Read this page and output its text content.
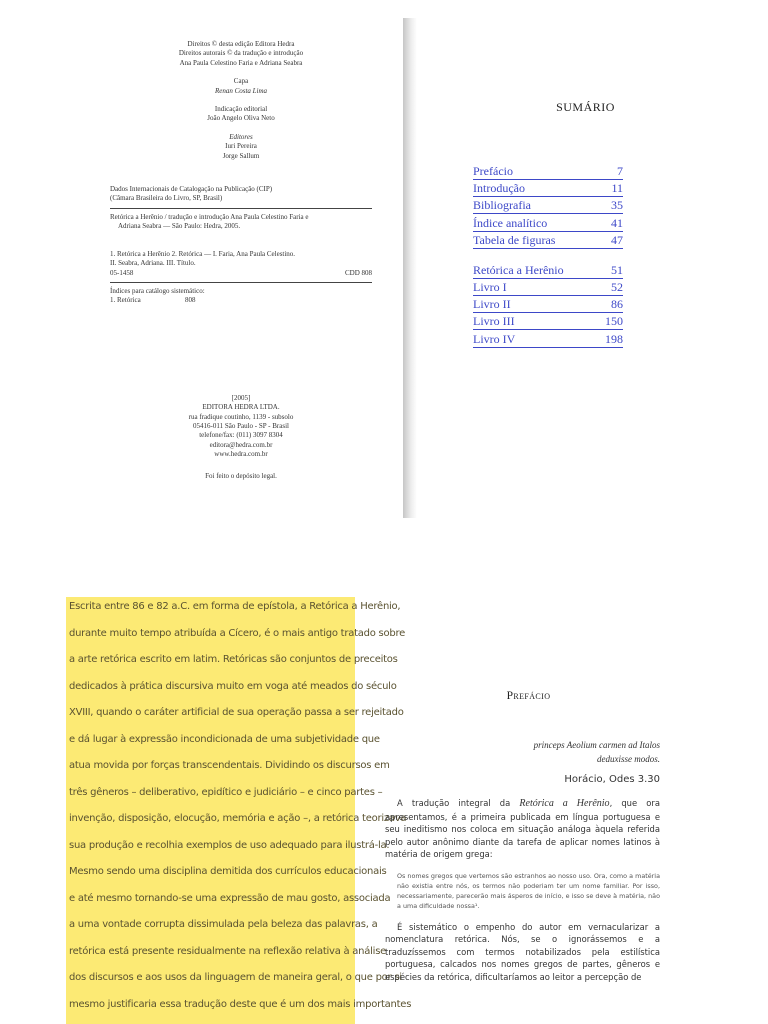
Direitos © desta edição Editora Hedra
Direitos autorais © da tradução e introdução
Ana Paula Celestino Faria e Adriana Seabra
Capa
Renan Costa Lima
Indicação editorial
João Angelo Oliva Neto
Editores
Iuri Pereira
Jorge Sallum
Dados Internacionais de Catalogação na Publicação (CIP)
(Câmara Brasileira do Livro, SP, Brasil)
Retórica a Herênio / tradução e introdução Ana Paula Celestino Faria e
Adriana Seabra — São Paulo: Hedra, 2005.
1. Retórica a Herênio 2. Retórica — I. Faria, Ana Paula Celestino.
II. Seabra, Adriana. III. Título.
05-1458	CDD 808
Índices para catálogo sistemático:
1. Retórica	808
[2005]
EDITORA HEDRA LTDA.
rua fradique coutinho, 1139 - subsolo
05416-011 São Paulo - SP - Brasil
telefone/fax: (011) 3097 8304
editora@hedra.com.br
www.hedra.com.br
Foi feito o depósito legal.
SUMÁRIO
Prefácio	7
Introdução	11
Bibliografia	35
Índice analítico	41
Tabela de figuras	47
Retórica a Herênio	51
Livro I	52
Livro II	86
Livro III	150
Livro IV	198
Escrita entre 86 e 82 a.C. em forma de epístola, a Retórica a Herênio,
durante muito tempo atribuída a Cícero, é o mais antigo tratado sobre
a arte retórica escrito em latim. Retóricas são conjuntos de preceitos
dedicados à prática discursiva muito em voga até meados do século
XVIII, quando o caráter artificial de sua operação passa a ser rejeitado
e dá lugar à expressão incondicionada de uma subjetividade que
atua movida por forças transcendentais. Dividindo os discursos em
três gêneros – deliberativo, epidítico e judiciário – e cinco partes –
invenção, disposição, elocução, memória e ação –, a retórica teorizava
sua produção e recolhia exemplos de uso adequado para ilustrá-la.
Mesmo sendo uma disciplina demitida dos currículos educacionais
e até mesmo tornando-se uma expressão de mau gosto, associada
a uma vontade corrupta dissimulada pela beleza das palavras, a
retórica está presente residualmente na reflexão relativa à análise
dos discursos e aos usos da linguagem de maneira geral, o que por si
mesmo justificaria essa tradução deste que é um dos mais importantes
Prefácio
princeps Aeolium carmen ad Italos
deduxisse modos.
Horácio, Odes 3.30
A tradução integral da Retórica a Herênio, que ora apresentamos, é a primeira publicada em língua portuguesa e seu ineditismo nos coloca em situação análoga àquela referida pelo autor anônimo diante da tarefa de aplicar nomes latinos à matéria de origem grega:
Os nomes gregos que vertemos são estranhos ao nosso uso. Ora, como a matéria não existia entre nós, os termos não poderiam ter um nome familiar. Por isso, necessariamente, parecerão mais ásperos de início, e isso se deve à matéria, não a uma dificuldade nossa¹.
É sistemático o empenho do autor em vernacularizar a nomenclatura retórica. Nós, se o ignorássemos e a traduzíssemos com termos notabilizados pela estilística portuguesa, calcados nos nomes gregos de partes, gêneros e espécies da retórica, dificultaríamos ao leitor a percepção de
